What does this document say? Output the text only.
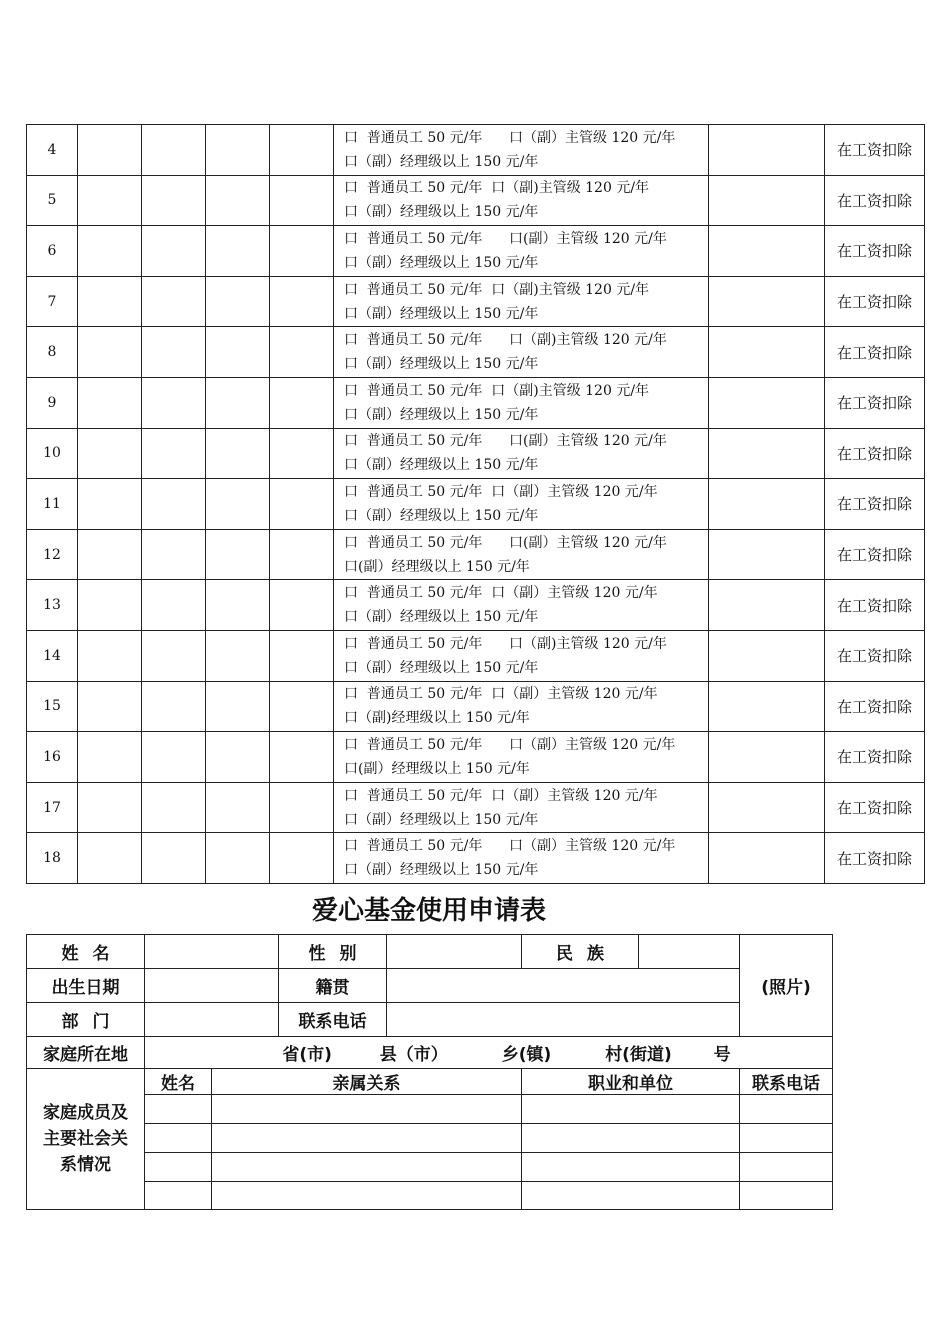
4					口  普通员工 50 元/年      口（副）主管级 120 元/年
口（副）经理级以上 150 元/年		在工资扣除
5					口  普通员工 50 元/年  口（副)主管级 120 元/年
口（副）经理级以上 150 元/年		在工资扣除
6					口  普通员工 50 元/年      口(副）主管级 120 元/年
口（副）经理级以上 150 元/年		在工资扣除
7					口  普通员工 50 元/年  口（副)主管级 120 元/年
口（副）经理级以上 150 元/年		在工资扣除
8					口  普通员工 50 元/年      口（副)主管级 120 元/年
口（副）经理级以上 150 元/年		在工资扣除
9					口  普通员工 50 元/年  口（副)主管级 120 元/年
口（副）经理级以上 150 元/年		在工资扣除
10					口  普通员工 50 元/年      口(副）主管级 120 元/年
口（副）经理级以上 150 元/年		在工资扣除
11					口  普通员工 50 元/年  口（副）主管级 120 元/年
口（副）经理级以上 150 元/年		在工资扣除
12					口  普通员工 50 元/年      口(副）主管级 120 元/年
口(副）经理级以上 150 元/年		在工资扣除
13					口  普通员工 50 元/年  口（副）主管级 120 元/年
口（副）经理级以上 150 元/年		在工资扣除
14					口  普通员工 50 元/年      口（副)主管级 120 元/年
口（副）经理级以上 150 元/年		在工资扣除
15					口  普通员工 50 元/年  口（副）主管级 120 元/年
口（副)经理级以上 150 元/年		在工资扣除
16					口  普通员工 50 元/年      口（副）主管级 120 元/年
口(副）经理级以上 150 元/年		在工资扣除
17					口  普通员工 50 元/年  口（副）主管级 120 元/年
口（副）经理级以上 150 元/年		在工资扣除
18					口  普通员工 50 元/年      口（副）主管级 120 元/年
口（副）经理级以上 150 元/年		在工资扣除
爱心基金使用申请表
姓名			性别		民族		(照片)
出生日期			籍贯				
部门			联系电话				
家庭所在地	省(市) 县（市） 乡(镇) 村(街道) 号						

家庭成员及主要社会关系情况	姓名	亲属关系			职业和单位		联系电话
